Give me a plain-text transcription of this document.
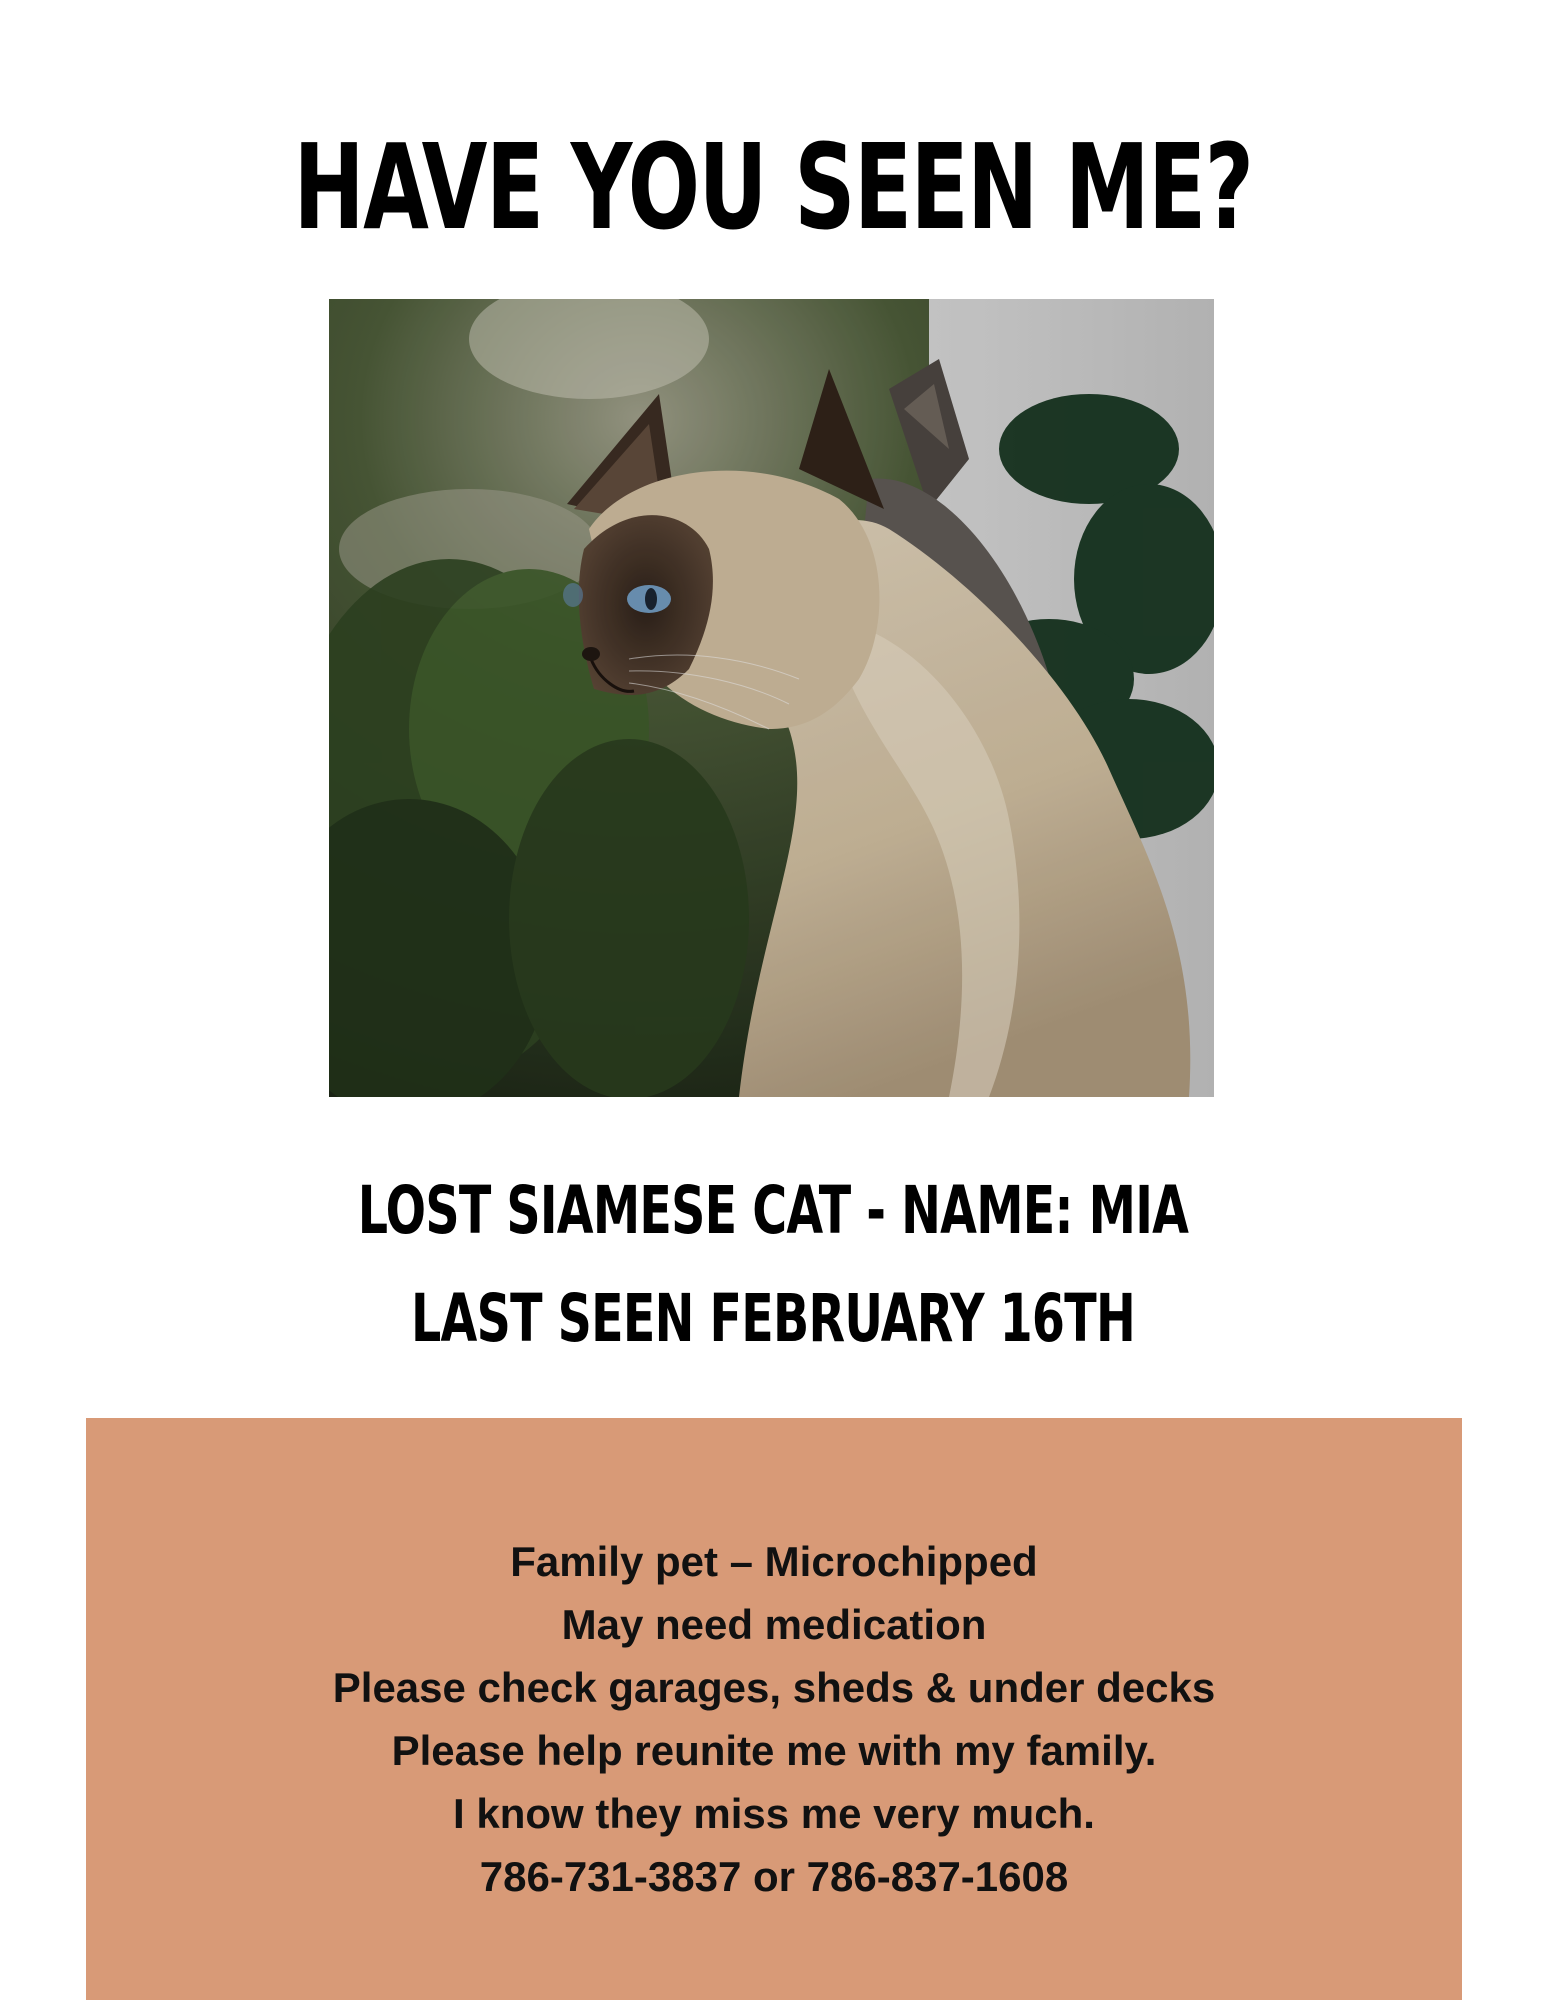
HAVE YOU SEEN ME?
LOST SIAMESE CAT - NAME: MIA
LAST SEEN FEBRUARY 16TH
Family pet – Microchipped
May need medication
Please check garages, sheds & under decks
Please help reunite me with my family.
I know they miss me very much.
786-731-3837 or 786-837-1608
